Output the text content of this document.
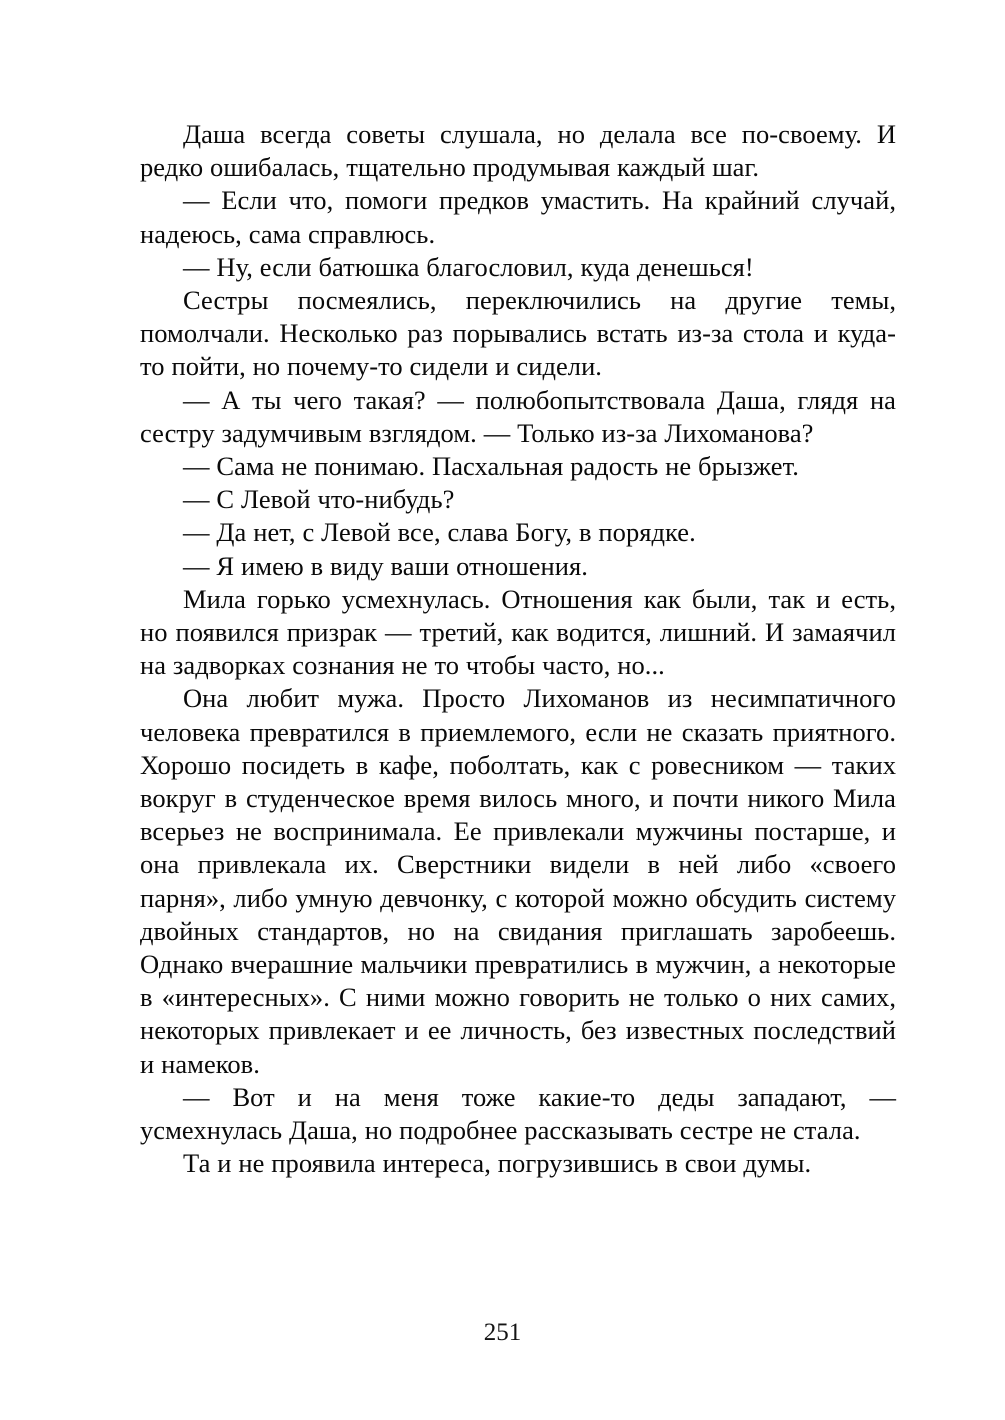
Даша всегда советы слушала, но делала все по-своему. И редко ошибалась, тщательно продумывая каждый шаг.

— Если что, помоги предков умастить. На крайний случай, надеюсь, сама справлюсь.

— Ну, если батюшка благословил, куда денешься!

Сестры посмеялись, переключились на другие темы, помолчали. Несколько раз порывались встать из-за стола и куда-то пойти, но почему-то сидели и сидели.

— А ты чего такая? — полюбопытствовала Даша, глядя на сестру задумчивым взглядом. — Только из-за Лихоманова?

— Сама не понимаю. Пасхальная радость не брызжет.

— С Левой что-нибудь?

— Да нет, с Левой все, слава Богу, в порядке.

— Я имею в виду ваши отношения.

Мила горько усмехнулась. Отношения как были, так и есть, но появился призрак — третий, как водится, лишний. И замаячил на задворках сознания не то чтобы часто, но...

Она любит мужа. Просто Лихоманов из несимпатичного человека превратился в приемлемого, если не сказать приятного. Хорошо посидеть в кафе, поболтать, как с ровесником — таких вокруг в студенческое время вилось много, и почти никого Мила всерьез не воспринимала. Ее привлекали мужчины постарше, и она привлекала их. Сверстники видели в ней либо «своего парня», либо умную девчонку, с которой можно обсудить систему двойных стандартов, но на свидания приглашать заробеешь. Однако вчерашние мальчики превратились в мужчин, а некоторые в «интересных». С ними можно говорить не только о них самих, некоторых привлекает и ее личность, без известных последствий и намеков.

— Вот и на меня тоже какие-то деды западают, — усмехнулась Даша, но подробнее рассказывать сестре не стала.

Та и не проявила интереса, погрузившись в свои думы.

251
